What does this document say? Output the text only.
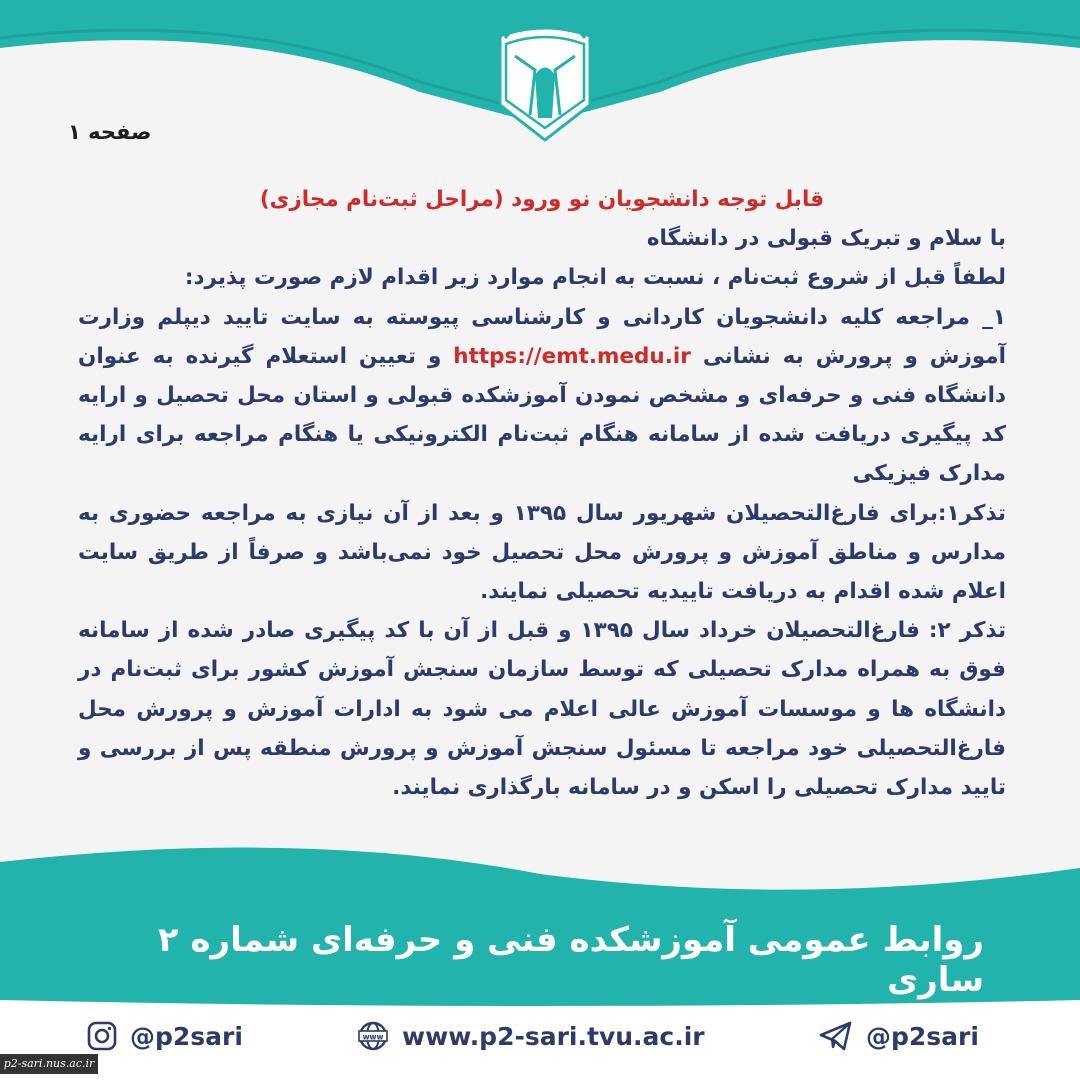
صفحه ۱

قابل توجه دانشجویان نو ورود (مراحل ثبت‌نام مجازی)

با سلام و تبریک قبولی در دانشگاه

لطفاً قبل از شروع ثبت‌نام ، نسبت به انجام موارد زیر اقدام لازم صورت پذیرد:

۱_ مراجعه کلیه دانشجویان کاردانی و کارشناسی پیوسته به سایت تایید دیپلم وزارت آموزش و پرورش به نشانی https://emt.medu.ir و تعیین استعلام گیرنده به عنوان دانشگاه فنی و حرفه‌ای و مشخص نمودن آموزشکده قبولی و استان محل تحصیل و ارایه کد پیگیری دریافت شده از سامانه هنگام ثبت‌نام الکترونیکی یا هنگام مراجعه برای ارایه مدارک فیزیکی

تذکر۱:برای فارغ‌التحصیلان شهریور سال ۱۳۹۵ و بعد از آن نیازی به مراجعه حضوری به مدارس و مناطق آموزش و پرورش محل تحصیل خود نمی‌باشد و صرفاً از طریق سایت اعلام شده اقدام به دریافت تاییدیه تحصیلی نمایند.

تذکر ۲: فارغ‌التحصیلان خرداد سال ۱۳۹۵ و قبل از آن با کد پیگیری صادر شده از سامانه فوق به همراه مدارک تحصیلی که توسط سازمان سنجش آموزش کشور برای ثبت‌نام در دانشگاه ها و موسسات آموزش عالی اعلام می شود به ادارات آموزش و پرورش محل فارغ‌التحصیلی خود مراجعه تا مسئول سنجش آموزش و پرورش منطقه پس از بررسی و تایید مدارک تحصیلی را اسکن و در سامانه بارگذاری نمایند.

روابط عمومی آموزشکده فنی و حرفه‌ای شماره ۲ ساری
@p2sari	www www.p2-sari.tvu.ac.ir	@p2sari
p2-sari.nus.ac.ir
